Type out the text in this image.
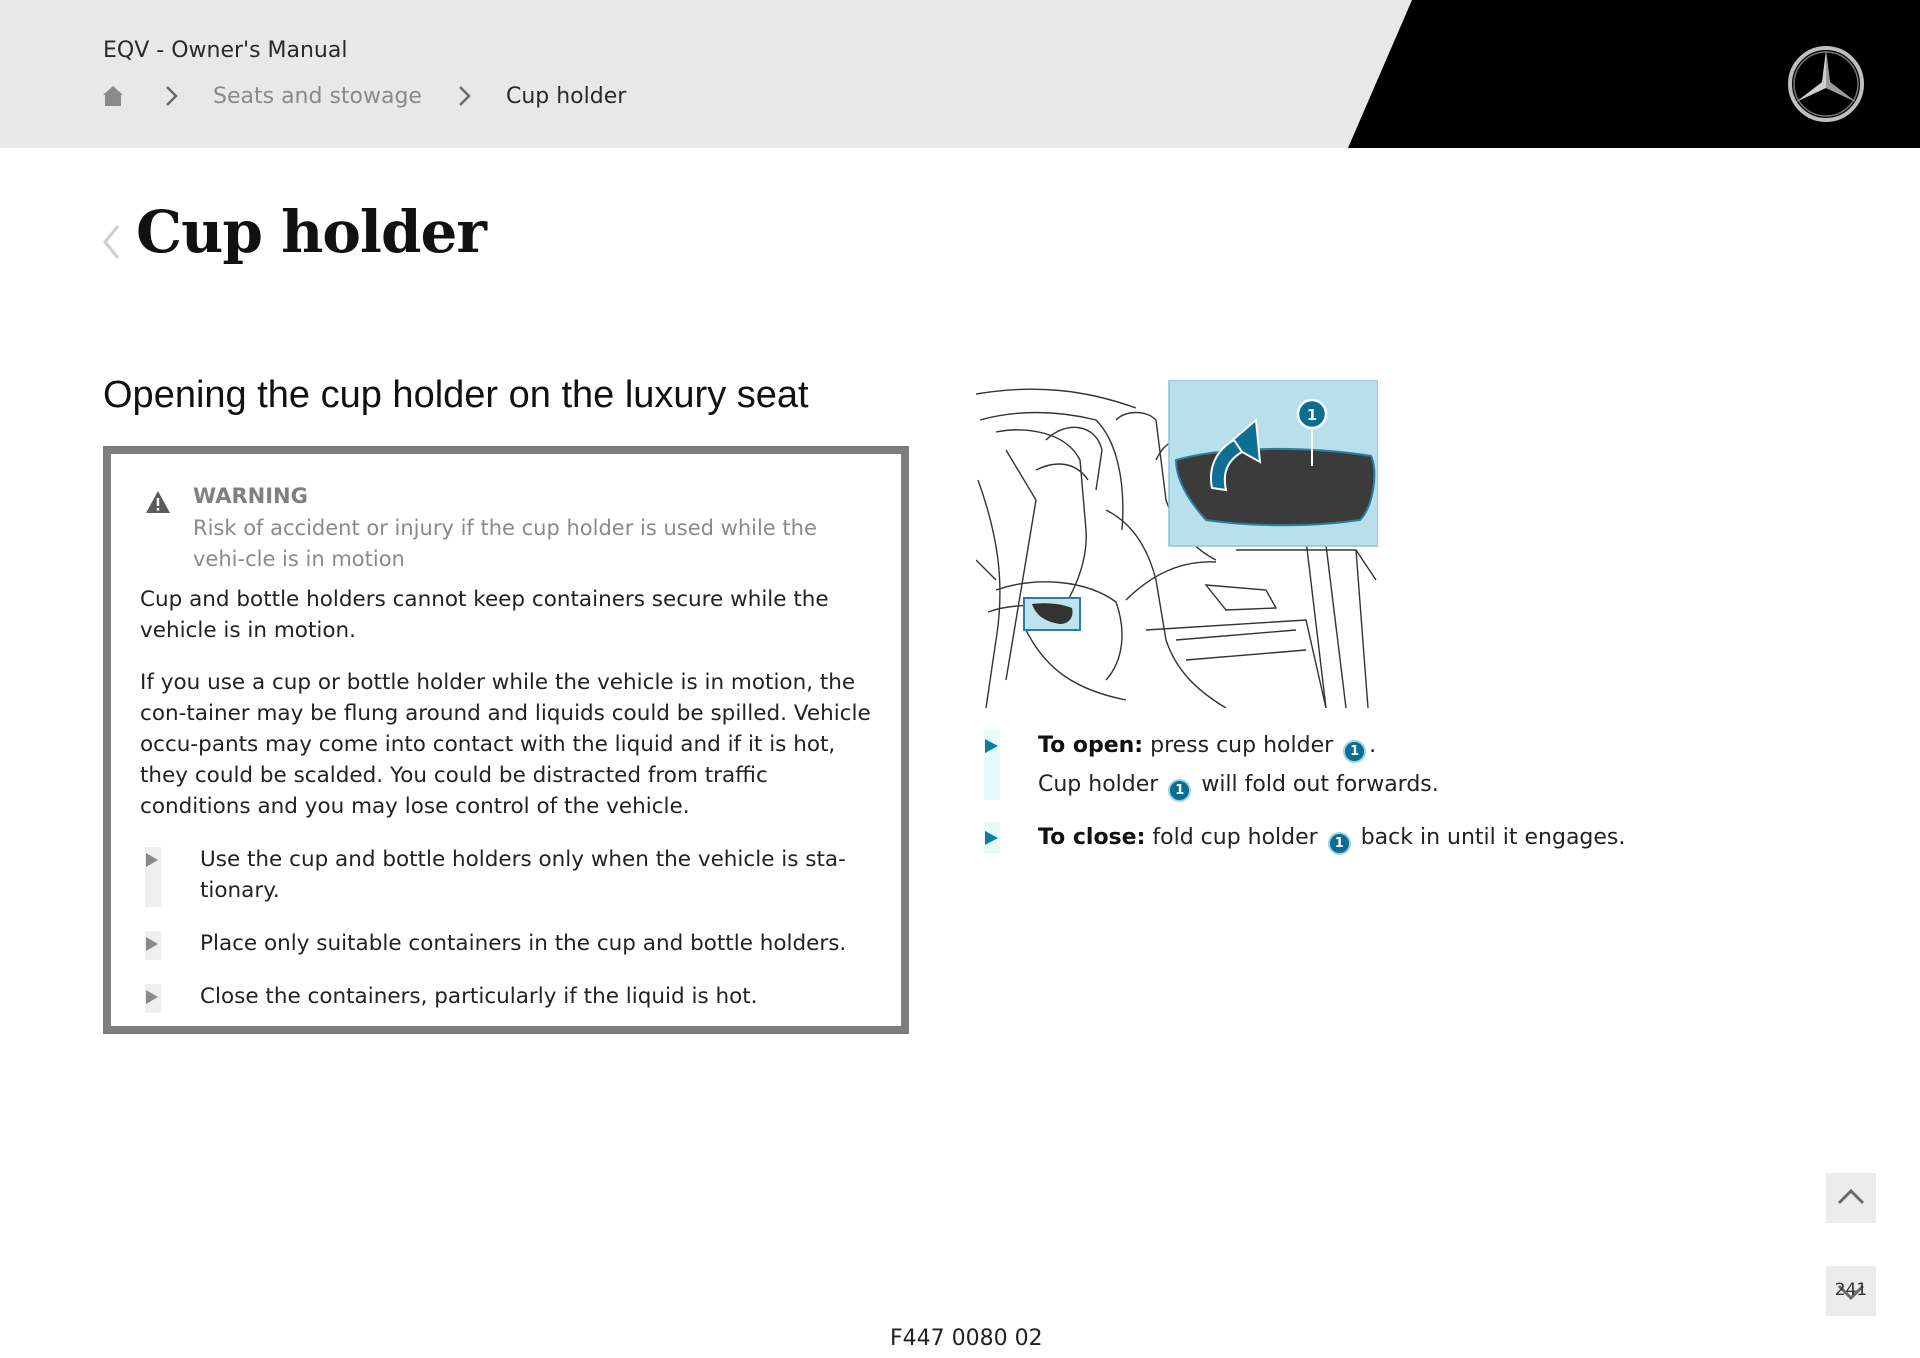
EQV - Owner's Manual
Seats and stowage	Cup holder
Cup holder
Opening the cup holder on the luxury seat
WARNING
Risk of accident or injury if the cup holder is used while the vehi-cle is in motion
Cup and bottle holders cannot keep containers secure while the vehicle is in motion.
If you use a cup or bottle holder while the vehicle is in motion, the con-tainer may be flung around and liquids could be spilled. Vehicle occu-pants may come into contact with the liquid and if it is hot, they could be scalded. You could be distracted from traffic conditions and you may lose control of the vehicle.
Use the cup and bottle holders only when the vehicle is sta-tionary.
Place only suitable containers in the cup and bottle holders.
Close the containers, particularly if the liquid is hot.
1
To open: press cup holder 1 .
Cup holder 1 will fold out forwards.
To close: fold cup holder 1 back in until it engages.
F447 0080 02
241
